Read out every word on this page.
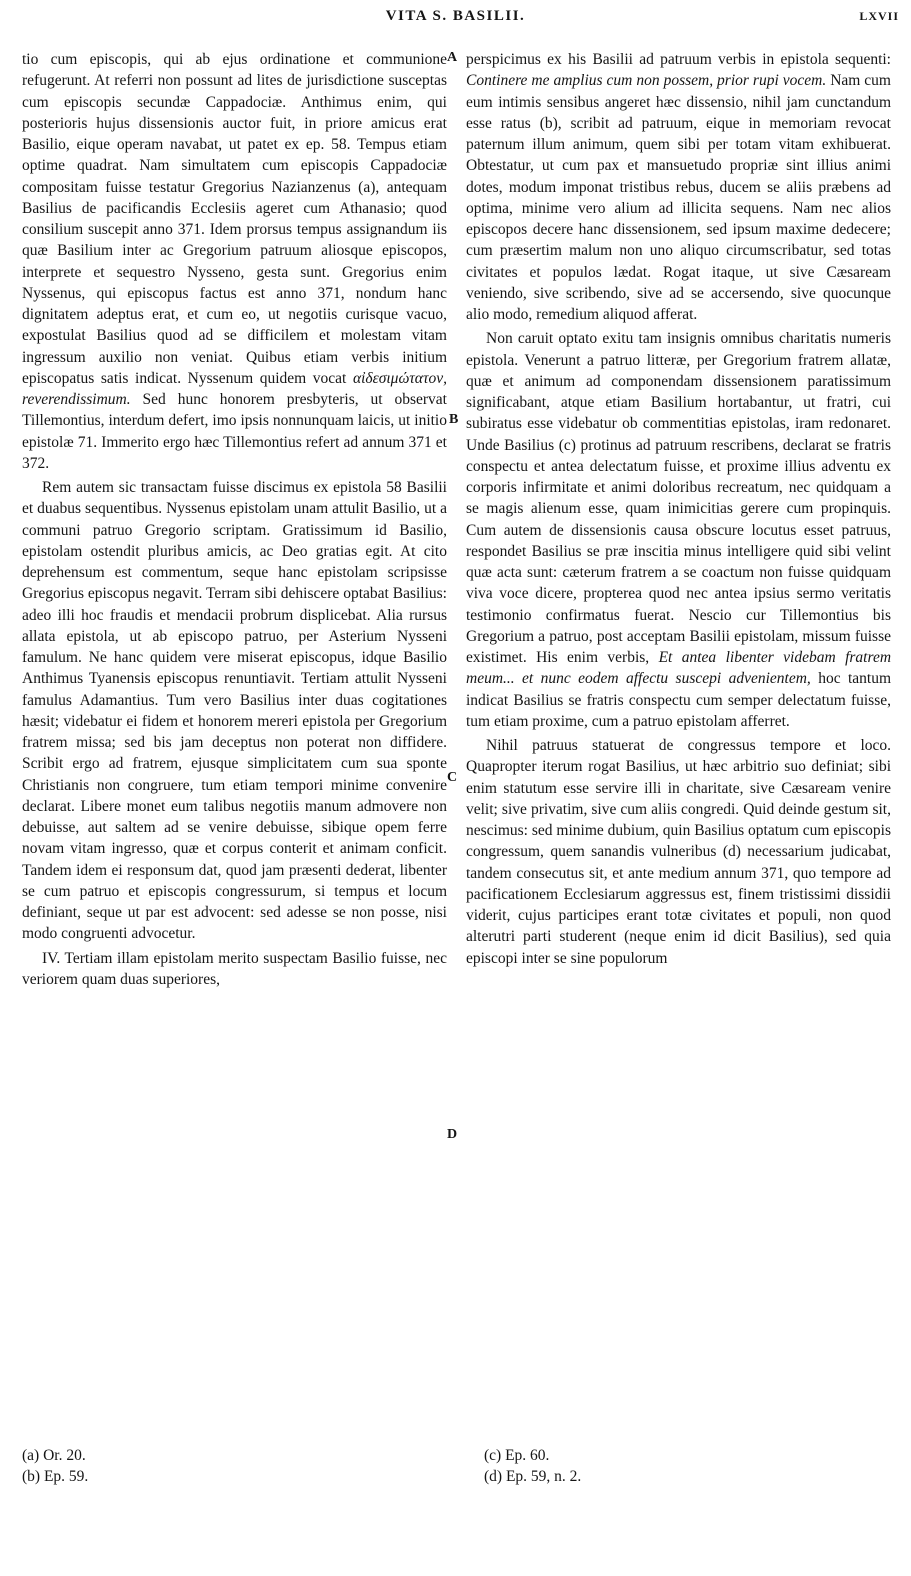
VITA S. BASILII.	LXVII

tio cum episcopis, qui ab ejus ordinatione et communione refugerunt. At referri non possunt ad lites de jurisdictione susceptas cum episcopis secundæ Cappadociæ. Anthimus enim, qui posterioris hujus dissensionis auctor fuit, in priore amicus erat Basilio, eique operam navabat, ut patet ex ep. 58. Tempus etiam optime quadrat. Nam simultatem cum episcopis Cappadociæ compositam fuisse testatur Gregorius Nazianzenus (a), antequam Basilius de pacificandis Ecclesiis ageret cum Athanasio; quod consilium suscepit anno 371. Idem prorsus tempus assignandum iis quæ Basilium inter ac Gregorium patruum aliosque episcopos, interprete et sequestro Nysseno, gesta sunt. Gregorius enim Nyssenus, qui episcopus factus est anno 371, nondum hanc dignitatem adeptus erat, et cum eo, ut negotiis curisque vacuo, expostulat Basilius quod ad se difficilem et molestam vitam ingressum auxilio non veniat. Quibus etiam verbis initium episcopatus satis indicat. Nyssenum quidem vocat αἰδεσιμώτατον, reverendissimum. Sed hunc honorem presbyteris, ut observat Tillemontius, interdum defert, imo ipsis nonnunquam laicis, ut initio epistolæ 71. Immerito ergo hæc Tillemontius refert ad annum 371 et 372.

Rem autem sic transactam fuisse discimus ex epistola 58 Basilii et duabus sequentibus. Nyssenus epistolam unam attulit Basilio, ut a communi patruo Gregorio scriptam. Gratissimum id Basilio, epistolam ostendit pluribus amicis, ac Deo gratias egit. At cito deprehensum est commentum, seque hanc epistolam scripsisse Gregorius episcopus negavit. Terram sibi dehiscere optabat Basilius: adeo illi hoc fraudis et mendacii probrum displicebat. Alia rursus allata epistola, ut ab episcopo patruo, per Asterium Nysseni famulum. Ne hanc quidem vere miserat episcopus, idque Basilio Anthimus Tyanensis episcopus renuntiavit. Tertiam attulit Nysseni famulus Adamantius. Tum vero Basilius inter duas cogitationes hæsit; videbatur ei fidem et honorem mereri epistola per Gregorium fratrem missa; sed bis jam deceptus non poterat non diffidere. Scribit ergo ad fratrem, ejusque simplicitatem cum sua sponte Christianis non congruere, tum etiam tempori minime convenire declarat. Libere monet eum talibus negotiis manum admovere non debuisse, aut saltem ad se venire debuisse, sibique opem ferre novam vitam ingresso, quæ et corpus conterit et animam conficit. Tandem idem ei responsum dat, quod jam præsenti dederat, libenter se cum patruo et episcopis congressurum, si tempus et locum definiant, seque ut par est advocent: sed adesse se non posse, nisi modo congruenti advocetur.

IV. Tertiam illam epistolam merito suspectam Basilio fuisse, nec veriorem quam duas superiores,

perspicimus ex his Basilii ad patruum verbis in epistola sequenti: Continere me amplius cum non possem, prior rupi vocem. Nam cum eum intimis sensibus angeret hæc dissensio, nihil jam cunctandum esse ratus (b), scribit ad patruum, eique in memoriam revocat paternum illum animum, quem sibi per totam vitam exhibuerat. Obtestatur, ut cum pax et mansuetudo propriæ sint illius animi dotes, modum imponat tristibus rebus, ducem se aliis præbens ad optima, minime vero alium ad illicita sequens. Nam nec alios episcopos decere hanc dissensionem, sed ipsum maxime dedecere; cum præsertim malum non uno aliquo circumscribatur, sed totas civitates et populos lædat. Rogat itaque, ut sive Cæsaream veniendo, sive scribendo, sive ad se accersendo, sive quocunque alio modo, remedium aliquod afferat.

Non caruit optato exitu tam insignis omnibus charitatis numeris epistola. Venerunt a patruo litteræ, per Gregorium fratrem allatæ, quæ et animum ad componendam dissensionem paratissimum significabant, atque etiam Basilium hortabantur, ut fratri, cui subiratus esse videbatur ob commentitias epistolas, iram redonaret. Unde Basilius (c) protinus ad patruum rescribens, declarat se fratris conspectu et antea delectatum fuisse, et proxime illius adventu ex corporis infirmitate et animi doloribus recreatum, nec quidquam a se magis alienum esse, quam inimicitias gerere cum propinquis. Cum autem de dissensionis causa obscure locutus esset patruus, respondet Basilius se præ inscitia minus intelligere quid sibi velint quæ acta sunt: cæterum fratrem a se coactum non fuisse quidquam viva voce dicere, propterea quod nec antea ipsius sermo veritatis testimonio confirmatus fuerat. Nescio cur Tillemontius bis Gregorium a patruo, post acceptam Basilii epistolam, missum fuisse existimet. His enim verbis, Et antea libenter videbam fratrem meum... et nunc eodem affectu suscepi advenientem, hoc tantum indicat Basilius se fratris conspectu cum semper delectatum fuisse, tum etiam proxime, cum a patruo epistolam afferret.

Nihil patruus statuerat de congressus tempore et loco. Quapropter iterum rogat Basilius, ut hæc arbitrio suo definiat; sibi enim statutum esse servire illi in charitate, sive Cæsaream venire velit; sive privatim, sive cum aliis congredi. Quid deinde gestum sit, nescimus: sed minime dubium, quin Basilius optatum cum episcopis congressum, quem sanandis vulneribus (d) necessarium judicabat, tandem consecutus sit, et ante medium annum 371, quo tempore ad pacificationem Ecclesiarum aggressus est, finem tristissimi dissidii viderit, cujus participes erant totæ civitates et populi, non quod alterutri parti studerent (neque enim id dicit Basilius), sed quia episcopi inter se sine populorum

A
B
C
D
(a) Or. 20.
(b) Ep. 59.
(c) Ep. 60.
(d) Ep. 59, n. 2.
